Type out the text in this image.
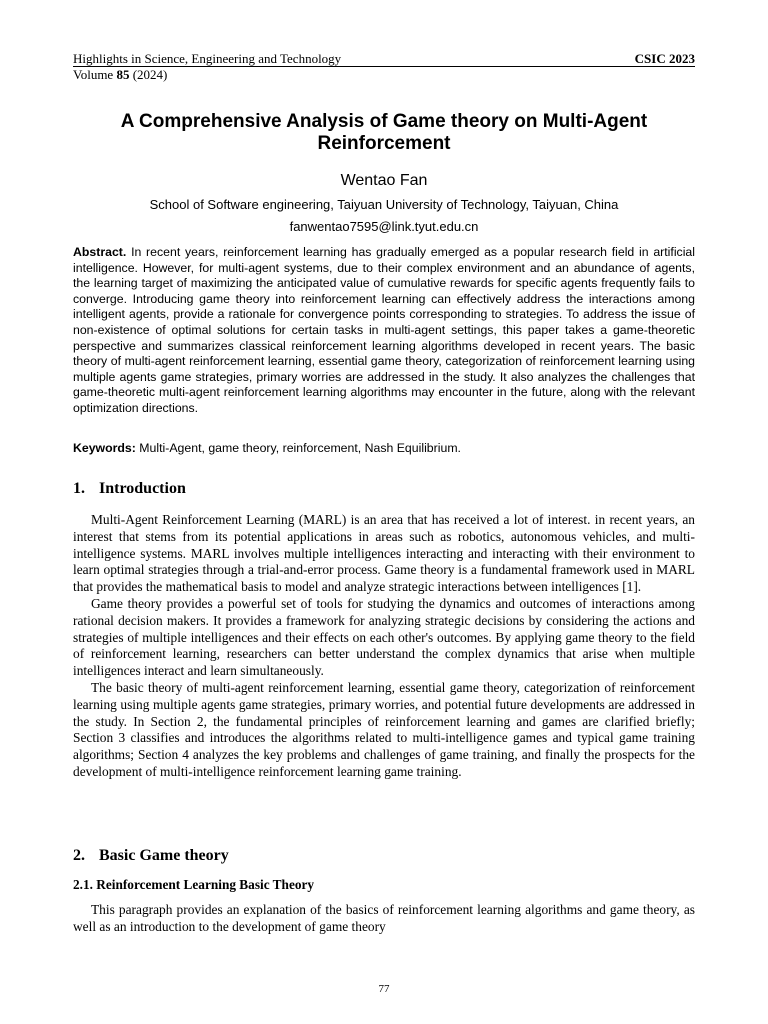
Highlights in Science, Engineering and Technology	CSIC 2023
Volume 85 (2024)
A Comprehensive Analysis of Game theory on Multi-Agent Reinforcement
Wentao Fan
School of Software engineering, Taiyuan University of Technology, Taiyuan, China
fanwentao7595@link.tyut.edu.cn
Abstract. In recent years, reinforcement learning has gradually emerged as a popular research field in artificial intelligence. However, for multi-agent systems, due to their complex environment and an abundance of agents, the learning target of maximizing the anticipated value of cumulative rewards for specific agents frequently fails to converge. Introducing game theory into reinforcement learning can effectively address the interactions among intelligent agents, provide a rationale for convergence points corresponding to strategies. To address the issue of non-existence of optimal solutions for certain tasks in multi-agent settings, this paper takes a game-theoretic perspective and summarizes classical reinforcement learning algorithms developed in recent years. The basic theory of multi-agent reinforcement learning, essential game theory, categorization of reinforcement learning using multiple agents game strategies, primary worries are addressed in the study. It also analyzes the challenges that game-theoretic multi-agent reinforcement learning algorithms may encounter in the future, along with the relevant optimization directions.
Keywords: Multi-Agent, game theory, reinforcement, Nash Equilibrium.
1. Introduction

Multi-Agent Reinforcement Learning (MARL) is an area that has received a lot of interest. in recent years, an interest that stems from its potential applications in areas such as robotics, autonomous vehicles, and multi-intelligence systems. MARL involves multiple intelligences interacting and interacting with their environment to learn optimal strategies through a trial-and-error process. Game theory is a fundamental framework used in MARL that provides the mathematical basis to model and analyze strategic interactions between intelligences [1].

Game theory provides a powerful set of tools for studying the dynamics and outcomes of interactions among rational decision makers. It provides a framework for analyzing strategic decisions by considering the actions and strategies of multiple intelligences and their effects on each other's outcomes. By applying game theory to the field of reinforcement learning, researchers can better understand the complex dynamics that arise when multiple intelligences interact and learn simultaneously.

The basic theory of multi-agent reinforcement learning, essential game theory, categorization of reinforcement learning using multiple agents game strategies, primary worries, and potential future developments are addressed in the study. In Section 2, the fundamental principles of reinforcement learning and games are clarified briefly; Section 3 classifies and introduces the algorithms related to multi-intelligence games and typical game training algorithms; Section 4 analyzes the key problems and challenges of game training, and finally the prospects for the development of multi-intelligence reinforcement learning game training.

2. Basic Game theory
2.1. Reinforcement Learning Basic Theory

This paragraph provides an explanation of the basics of reinforcement learning algorithms and game theory, as well as an introduction to the development of game theory

77
